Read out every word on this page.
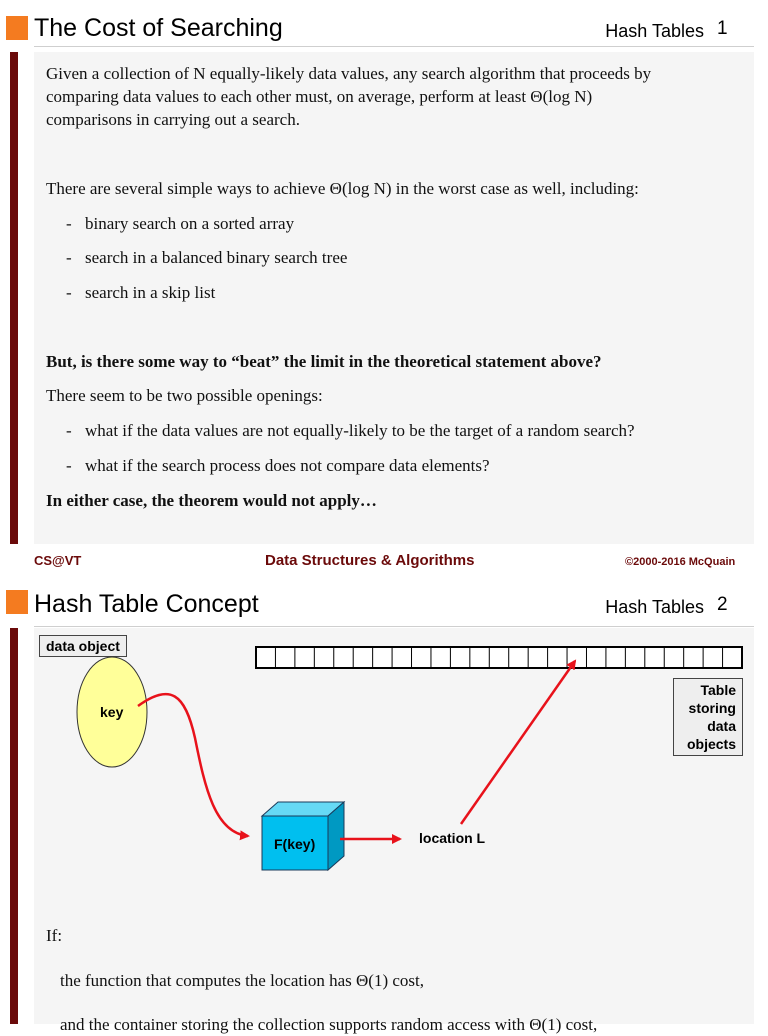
The Cost of Searching	Hash Tables 1
Given a collection of N equally-likely data values, any search algorithm that proceeds by
comparing data values to each other must, on average, perform at least Θ(log N)
comparisons in carrying out a search.
There are several simple ways to achieve Θ(log N) in the worst case as well, including:
- binary search on a sorted array
- search in a balanced binary search tree
- search in a skip list
But, is there some way to “beat” the limit in the theoretical statement above?
There seem to be two possible openings:
- what if the data values are not equally-likely to be the target of a random search?
- what if the search process does not compare data elements?
In either case, the theorem would not apply…
CS@VT	Data Structures & Algorithms	©2000-2016 McQuain
Hash Table Concept	Hash Tables 2
data object
key
F(key)	location L
Table
storing
data
objects
If:
the function that computes the location has Θ(1) cost,
and the container storing the collection supports random access with Θ(1) cost,
